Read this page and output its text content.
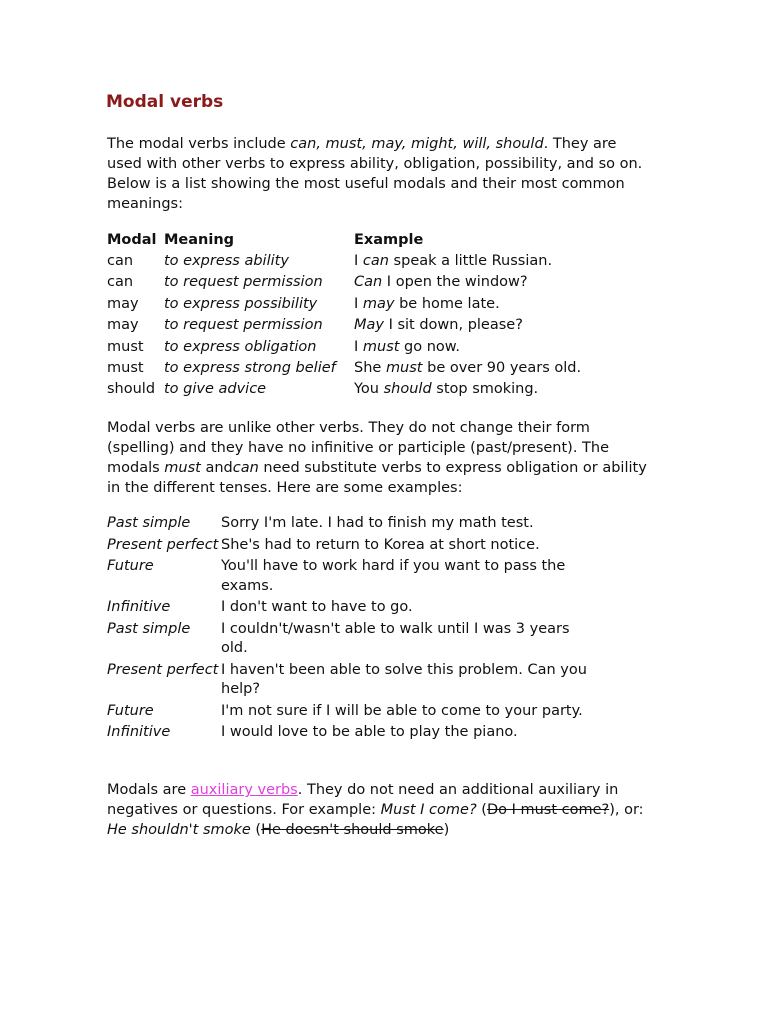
Modal verbs

The modal verbs include can, must, may, might, will, should. They are used with other verbs to express ability, obligation, possibility, and so on. Below is a list showing the most useful modals and their most common meanings:

Modal	Meaning	Example
can	to express ability	I can speak a little Russian.
can	to request permission	Can I open the window?
may	to express possibility	I may be home late.
may	to request permission	May I sit down, please?
must	to express obligation	I must go now.
must	to express strong belief	She must be over 90 years old.
should	to give advice	You should stop smoking.

Modal verbs are unlike other verbs. They do not change their form (spelling) and they have no infinitive or participle (past/present). The modals must andcan need substitute verbs to express obligation or ability in the different tenses. Here are some examples:

Past simple	Sorry I'm late. I had to finish my math test.
Present perfect	She's had to return to Korea at short notice.
Future	You'll have to work hard if you want to pass the exams.
Infinitive	I don't want to have to go.
Past simple	I couldn't/wasn't able to walk until I was 3 years old.
Present perfect	I haven't been able to solve this problem. Can you help?
Future	I'm not sure if I will be able to come to your party.
Infinitive	I would love to be able to play the piano.

Modals are auxiliary verbs. They do not need an additional auxiliary in negatives or questions. For example: Must I come? (Do I must come?), or: He shouldn't smoke (He doesn't should smoke)
